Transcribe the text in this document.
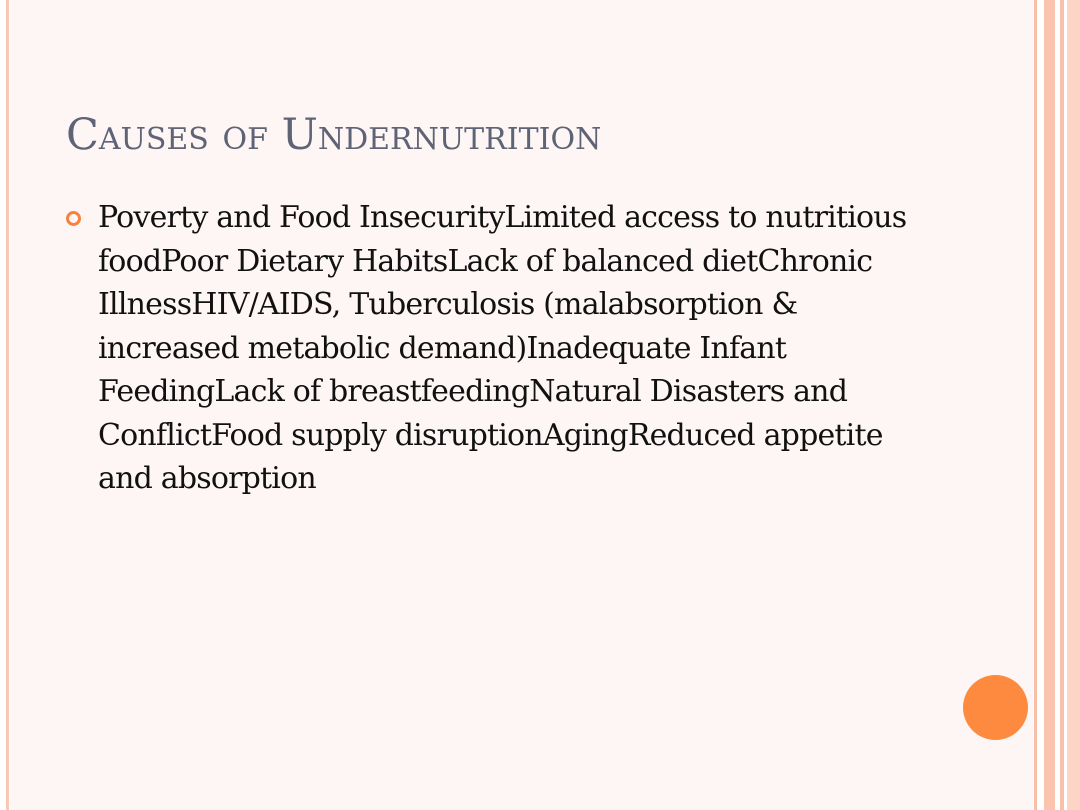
Causes of Undernutrition
Poverty and Food InsecurityLimited access to nutritious foodPoor Dietary HabitsLack of balanced dietChronic IllnessHIV/AIDS, Tuberculosis (malabsorption & increased metabolic demand)Inadequate Infant FeedingLack of breastfeedingNatural Disasters and ConflictFood supply disruptionAgingReduced appetite and absorption
